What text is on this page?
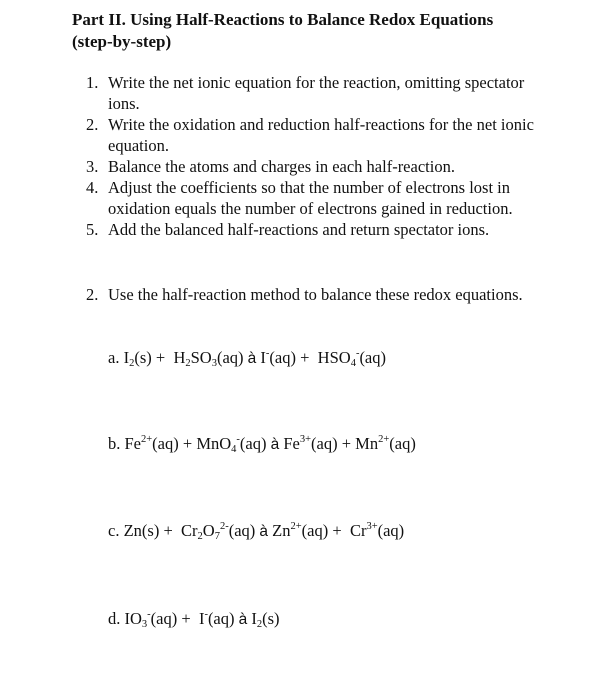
Part II. Using Half-Reactions to Balance Redox Equations
(step-by-step)
1. Write the net ionic equation for the reaction, omitting spectator ions.
2. Write the oxidation and reduction half-reactions for the net ionic equation.
3. Balance the atoms and charges in each half-reaction.
4. Adjust the coefficients so that the number of electrons lost in oxidation equals the number of electrons gained in reduction.
5. Add the balanced half-reactions and return spectator ions.
2. Use the half-reaction method to balance these redox equations.
a. $I_2(s) + H_2SO_3(aq)$ à $I^-(aq) + HSO_4^-(aq)$
b. $Fe^{2+}(aq) + MnO_4^-(aq)$ à $Fe^{3+}(aq) + Mn^{2+}(aq)$
c. $Zn(s) + Cr_2O_7^{2-}(aq)$ à $Zn^{2+}(aq) + Cr^{3+}(aq)$
d. $IO_3^-(aq) + I^-(aq)$ à $I_2(s)$
